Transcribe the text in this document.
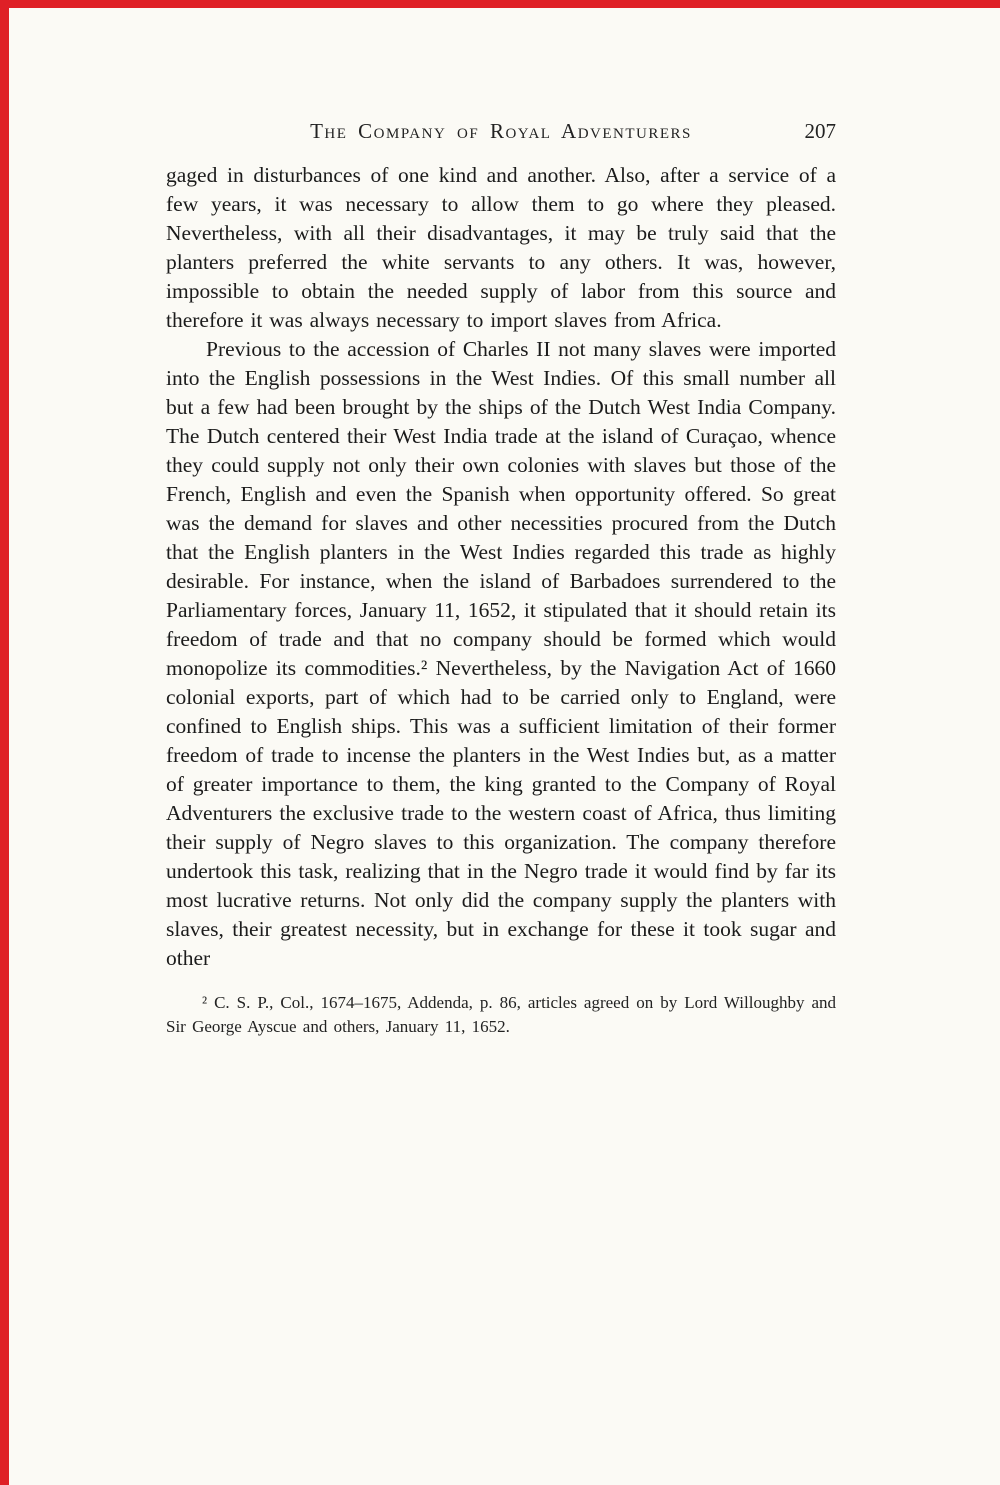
The Company of Royal Adventurers	207

gaged in disturbances of one kind and another. Also, after a service of a few years, it was necessary to allow them to go where they pleased. Nevertheless, with all their disadvantages, it may be truly said that the planters preferred the white servants to any others. It was, however, impossible to obtain the needed supply of labor from this source and therefore it was always necessary to import slaves from Africa.

Previous to the accession of Charles II not many slaves were imported into the English possessions in the West Indies. Of this small number all but a few had been brought by the ships of the Dutch West India Company. The Dutch centered their West India trade at the island of Curaçao, whence they could supply not only their own colonies with slaves but those of the French, English and even the Spanish when opportunity offered. So great was the demand for slaves and other necessities procured from the Dutch that the English planters in the West Indies regarded this trade as highly desirable. For instance, when the island of Barbadoes surrendered to the Parliamentary forces, January 11, 1652, it stipulated that it should retain its freedom of trade and that no company should be formed which would monopolize its commodities.² Nevertheless, by the Navigation Act of 1660 colonial exports, part of which had to be carried only to England, were confined to English ships. This was a sufficient limitation of their former freedom of trade to incense the planters in the West Indies but, as a matter of greater importance to them, the king granted to the Company of Royal Adventurers the exclusive trade to the western coast of Africa, thus limiting their supply of Negro slaves to this organization. The company therefore undertook this task, realizing that in the Negro trade it would find by far its most lucrative returns. Not only did the company supply the planters with slaves, their greatest necessity, but in exchange for these it took sugar and other

² C. S. P., Col., 1674–1675, Addenda, p. 86, articles agreed on by Lord Willoughby and Sir George Ayscue and others, January 11, 1652.
